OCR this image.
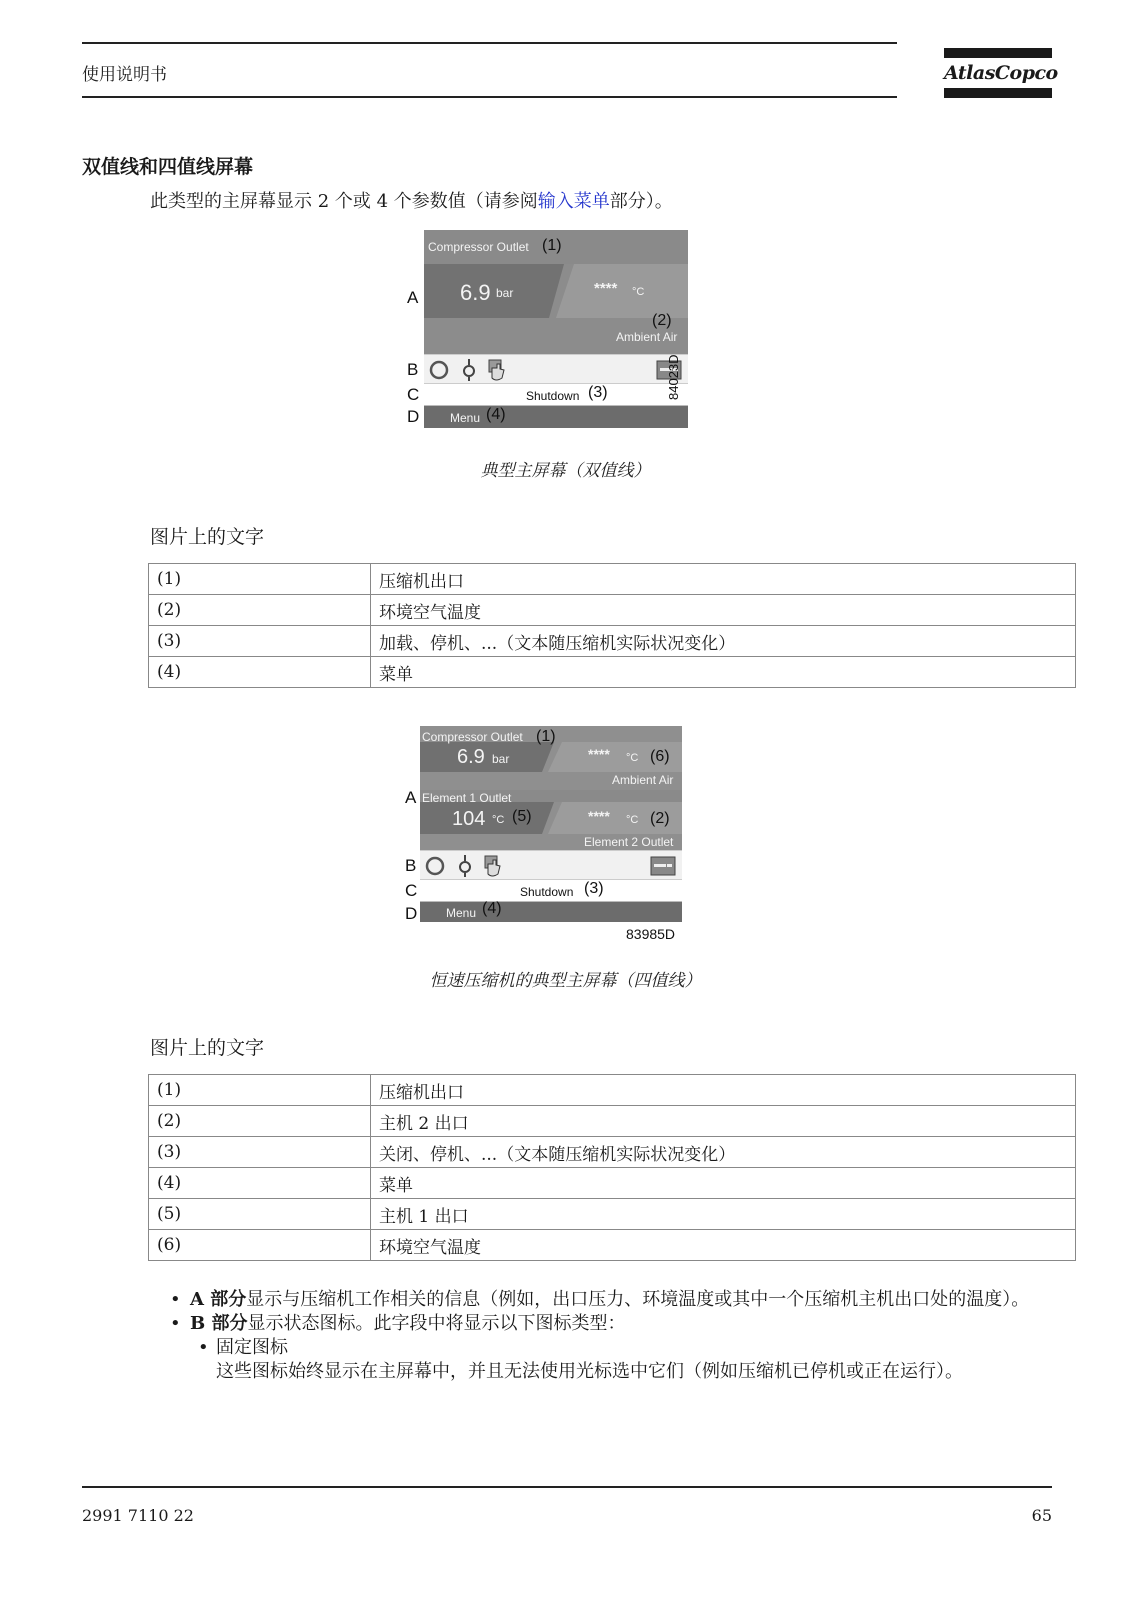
使用说明书	AtlasCopco
双值线和四值线屏幕
此类型的主屏幕显示 2 个或 4 个参数值（请参阅输入菜单部分）。
Compressor Outlet (1)
6.9 bar	**** °C
(2)
Ambient Air
Shutdown (3)
Menu (4)
A
B
C
D
84023D
典型主屏幕（双值线）
图片上的文字
(1)	压缩机出口
(2)	环境空气温度
(3)	加载、停机、...（文本随压缩机实际状况变化）
(4)	菜单
Compressor Outlet (1)
6.9 bar	**** °C (6)
Ambient Air
Element 1 Outlet
104 °C (5)	**** °C (2)
Element 2 Outlet
Shutdown (3)
Menu (4)
A
B
C
D
83985D
恒速压缩机的典型主屏幕（四值线）
图片上的文字
(1)	压缩机出口
(2)	主机 2 出口
(3)	关闭、停机、...（文本随压缩机实际状况变化）
(4)	菜单
(5)	主机 1 出口
(6)	环境空气温度
• A 部分显示与压缩机工作相关的信息（例如，出口压力、环境温度或其中一个压缩机主机出口处的温度）。
• B 部分显示状态图标。此字段中将显示以下图标类型：
• 固定图标
这些图标始终显示在主屏幕中，并且无法使用光标选中它们（例如压缩机已停机或正在运行）。
2991 7110 22	65
